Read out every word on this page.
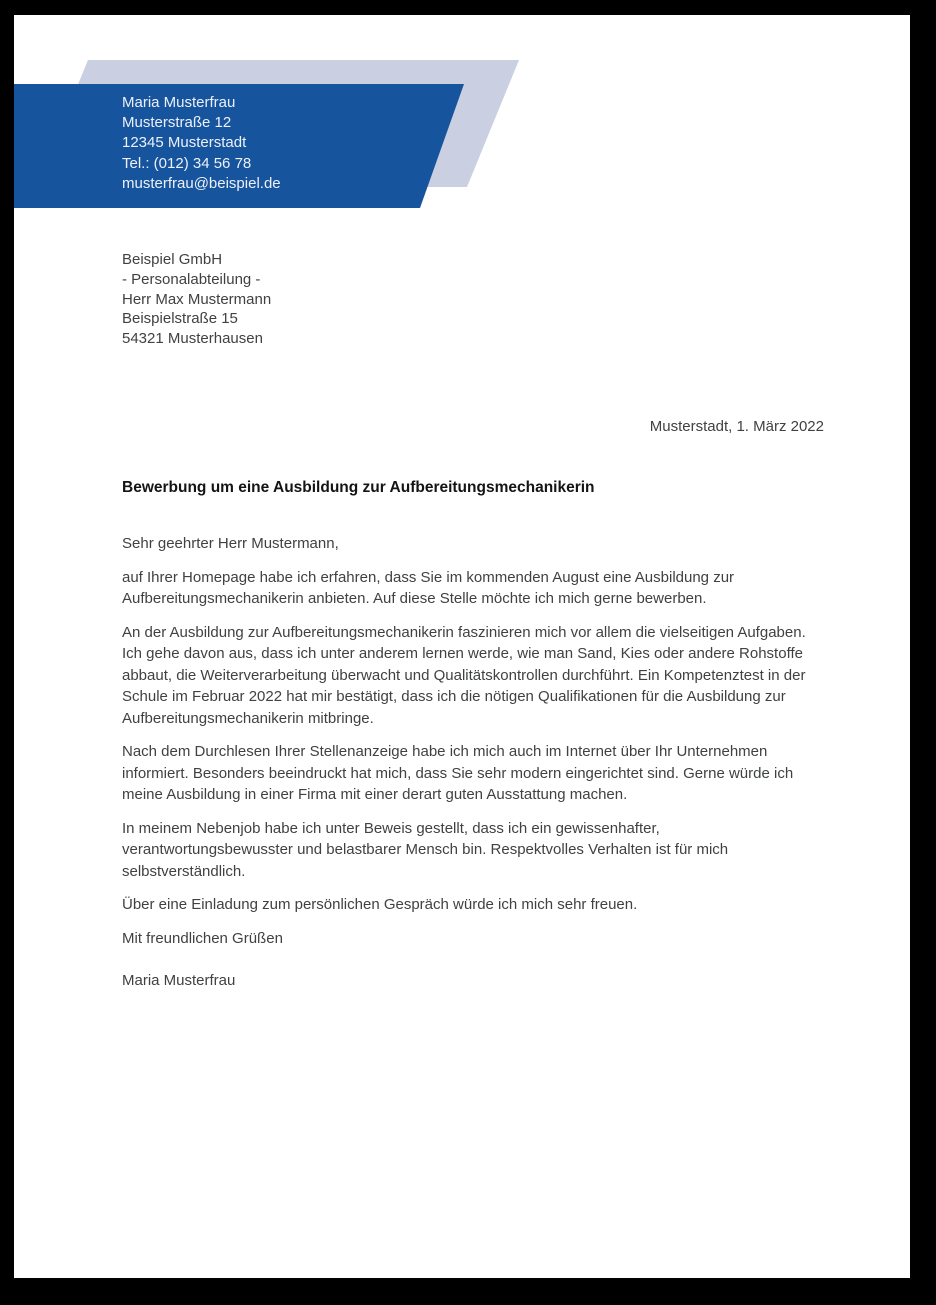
Maria Musterfrau
Musterstraße 12
12345 Musterstadt
Tel.: (012) 34 56 78
musterfrau@beispiel.de
Beispiel GmbH
- Personalabteilung -
Herr Max Mustermann
Beispielstraße 15
54321 Musterhausen
Musterstadt, 1. März 2022
Bewerbung um eine Ausbildung zur Aufbereitungsmechanikerin

Sehr geehrter Herr Mustermann,

auf Ihrer Homepage habe ich erfahren, dass Sie im kommenden August eine Ausbildung zur Aufbereitungsmechanikerin anbieten. Auf diese Stelle möchte ich mich gerne bewerben.

An der Ausbildung zur Aufbereitungsmechanikerin faszinieren mich vor allem die vielseitigen Aufgaben. Ich gehe davon aus, dass ich unter anderem lernen werde, wie man Sand, Kies oder andere Rohstoffe abbaut, die Weiterverarbeitung überwacht und Qualitätskontrollen durchführt. Ein Kompetenztest in der Schule im Februar 2022 hat mir bestätigt, dass ich die nötigen Qualifikationen für die Ausbildung zur Aufbereitungsmechanikerin mitbringe.

Nach dem Durchlesen Ihrer Stellenanzeige habe ich mich auch im Internet über Ihr Unternehmen informiert. Besonders beeindruckt hat mich, dass Sie sehr modern eingerichtet sind. Gerne würde ich meine Ausbildung in einer Firma mit einer derart guten Ausstattung machen.

In meinem Nebenjob habe ich unter Beweis gestellt, dass ich ein gewissenhafter, verantwortungsbewusster und belastbarer Mensch bin. Respektvolles Verhalten ist für mich selbstverständlich.

Über eine Einladung zum persönlichen Gespräch würde ich mich sehr freuen.

Mit freundlichen Grüßen

Maria Musterfrau
